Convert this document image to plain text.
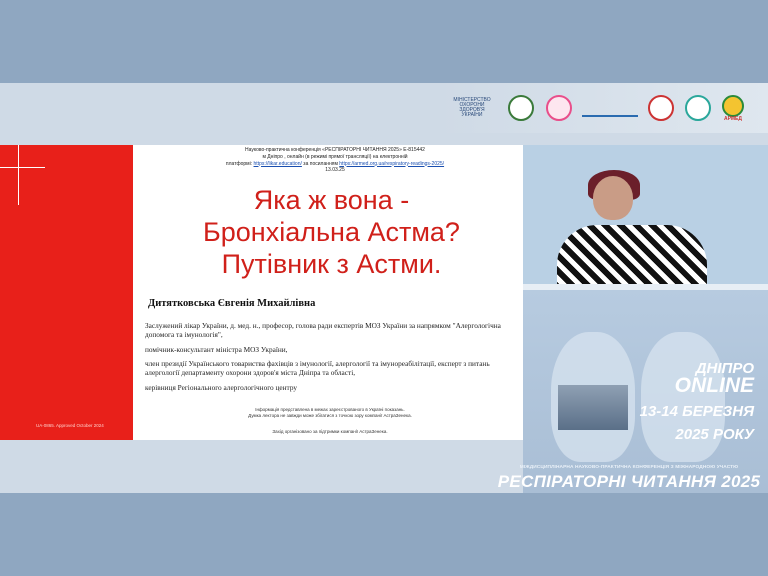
МІНІСТЕРСТВО ОХОРОНИ ЗДОРОВ'Я УКРАЇНИ
АРМЕД
UA-0865. Approved October 2024
Науково-практична конференція «РЕСПІРАТОРНІ ЧИТАННЯ 2025» Е-815442
м Дніпро , онлайн (в режимі прямої трансляції) на електронній
платформі: https://likar.education/ за посиланням https://armed.org.ua/respiratory-readings-2025/
13.03.25
Яка ж вона -
Бронхіальна Астма?
Путівник з Астми.
Дитятковська Євгенія Михайлівна

Заслужений лікар України, д. мед. н., професор, голова ради експертів МОЗ України за напрямком "Алергологічна допомога та імунологія",

помічник-консультант міністра МОЗ України,

член президії Українського товариства фахівців з імунології, алергології та імунореабілітації, експерт з питань алергології департаменту охорони здоров'я міста Дніпра та області,

керівниця Регіонального алергологічного центру

Інформація представлена в межах зареєстрованого в Україні показань.
Думка лектора не завжди може збігатися з точкою зору компанії АстраЗенека.
Захід організовано за підтримки компанії АстраЗенека.
ДНІПРО
ONLINE
13-14 БЕРЕЗНЯ
2025 РОКУ
МІЖДИСЦИПЛІНАРНА НАУКОВО-ПРАКТИЧНА КОНФЕРЕНЦІЯ З МІЖНАРОДНОЮ УЧАСТЮ
РЕСПІРАТОРНІ ЧИТАННЯ 2025
